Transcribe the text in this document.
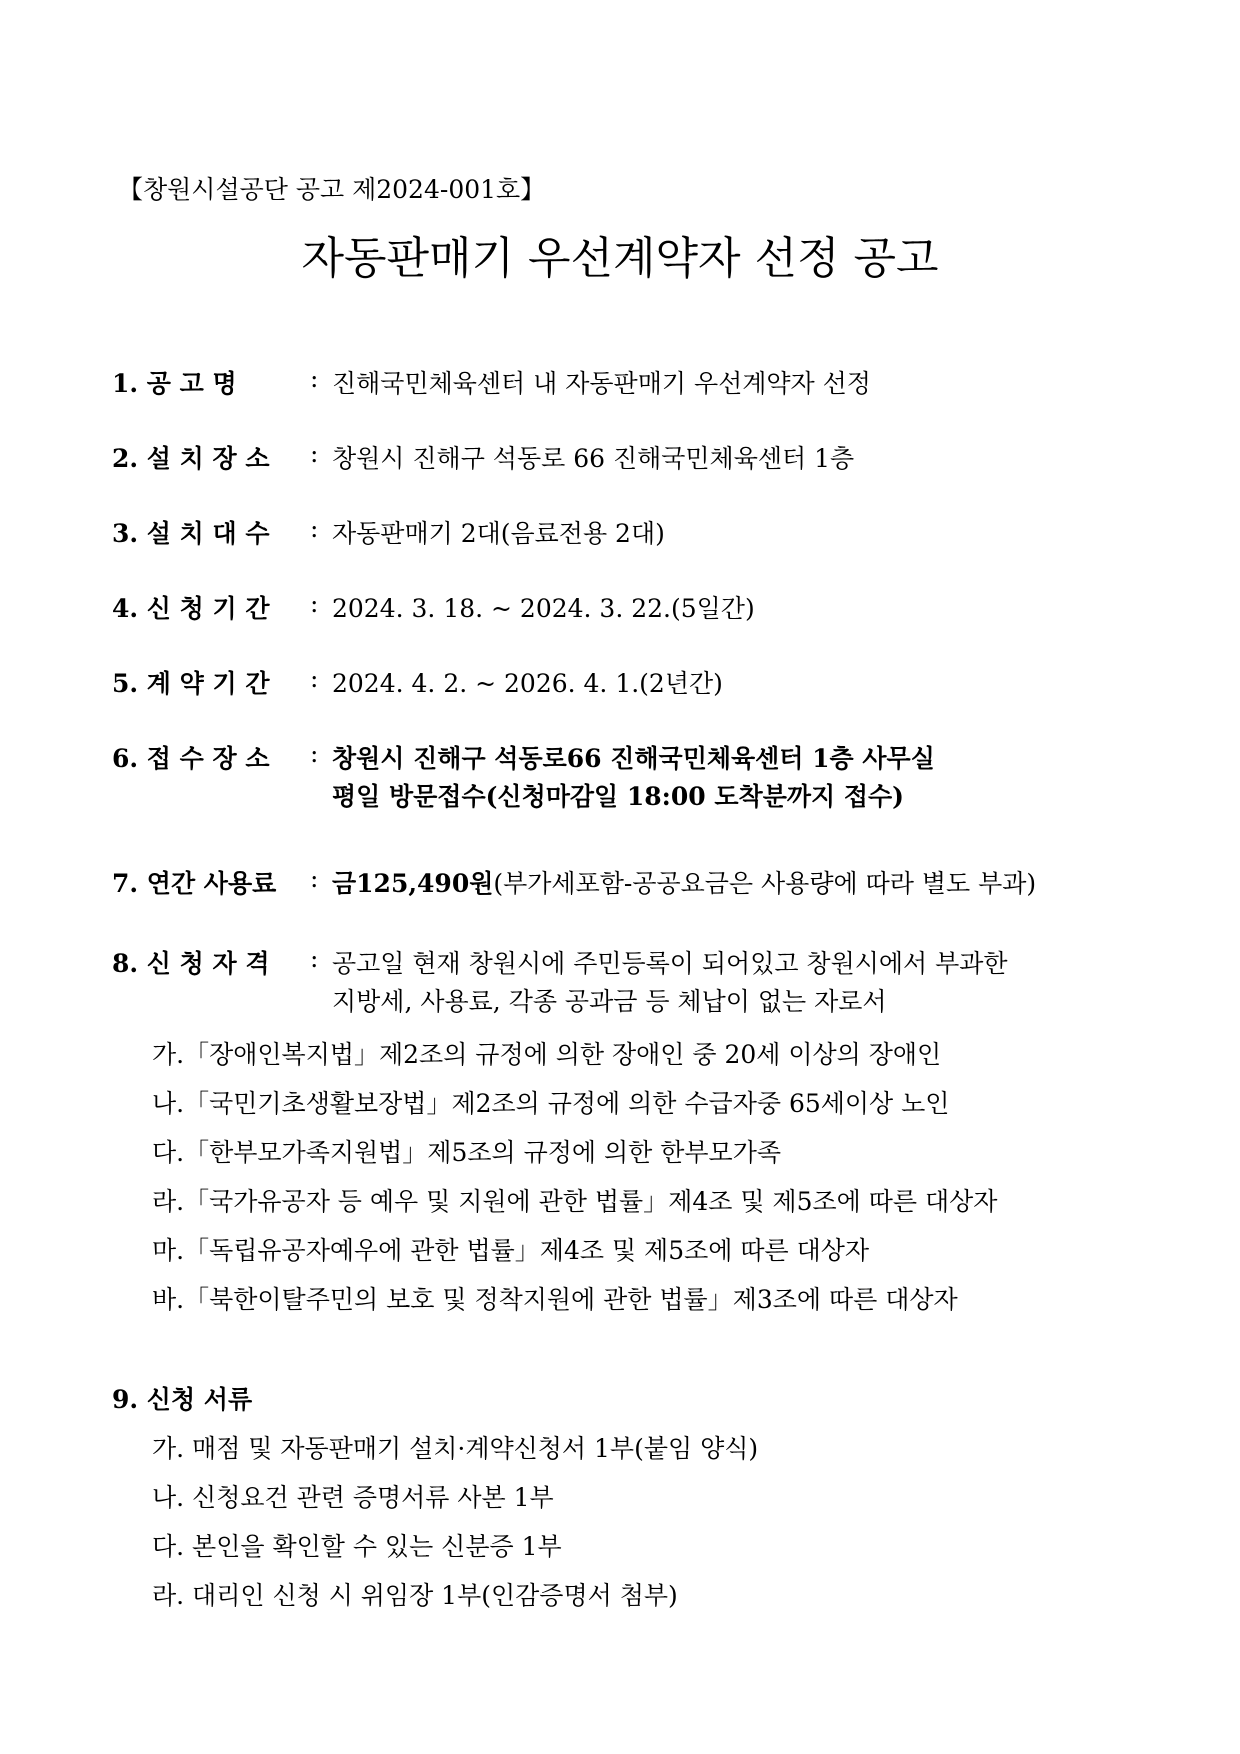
【창원시설공단 공고 제2024-001호】
자동판매기 우선계약자 선정 공고
1. 공 고 명	: 진해국민체육센터 내 자동판매기 우선계약자 선정
2. 설 치 장 소 : 창원시 진해구 석동로 66 진해국민체육센터 1층
3. 설 치 대 수 : 자동판매기 2대(음료전용 2대)
4. 신 청 기 간 : 2024. 3. 18. ~ 2024. 3. 22.(5일간)
5. 계 약 기 간 : 2024. 4. 2. ~ 2026. 4. 1.(2년간)
6. 접 수 장 소 : 창원시 진해구 석동로66 진해국민체육센터 1층 사무실
평일 방문접수(신청마감일 18:00 도착분까지 접수)
7. 연간 사용료 : 금125,490원(부가세포함-공공요금은 사용량에 따라 별도 부과)
8. 신 청 자 격 : 공고일 현재 창원시에 주민등록이 되어있고 창원시에서 부과한
지방세, 사용료, 각종 공과금 등 체납이 없는 자로서
가.「장애인복지법」제2조의 규정에 의한 장애인 중 20세 이상의 장애인
나.「국민기초생활보장법」제2조의 규정에 의한 수급자중 65세이상 노인
다.「한부모가족지원법」제5조의 규정에 의한 한부모가족
라.「국가유공자 등 예우 및 지원에 관한 법률」제4조 및 제5조에 따른 대상자
마.「독립유공자예우에 관한 법률」제4조 및 제5조에 따른 대상자
바.「북한이탈주민의 보호 및 정착지원에 관한 법률」제3조에 따른 대상자
9. 신청 서류
가. 매점 및 자동판매기 설치·계약신청서 1부(붙임 양식)
나. 신청요건 관련 증명서류 사본 1부
다. 본인을 확인할 수 있는 신분증 1부
라. 대리인 신청 시 위임장 1부(인감증명서 첨부)
